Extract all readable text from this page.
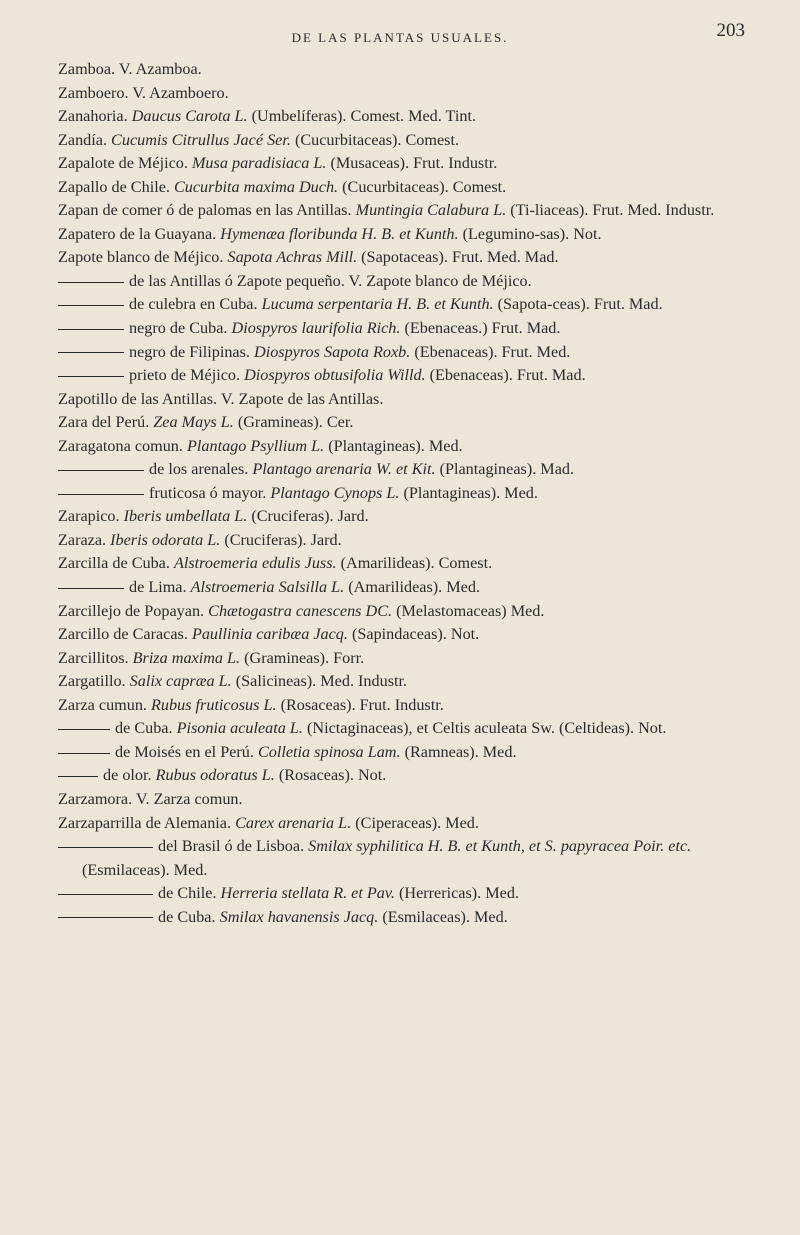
DE LAS PLANTAS USUALES.	203
Zamboa. V. Azamboa.
Zamboero. V. Azamboero.
Zanahoria. Daucus Carota L. (Umbelíferas). Comest. Med. Tint.
Zandía. Cucumis Citrullus Jacé Ser. (Cucurbitaceas). Comest.
Zapalote de Méjico. Musa paradisiaca L. (Musaceas). Frut. Industr.
Zapallo de Chile. Cucurbita maxima Duch. (Cucurbitaceas). Comest.
Zapan de comer ó de palomas en las Antillas. Muntingia Calabura L. (Ti-liaceas). Frut. Med. Industr.
Zapatero de la Guayana. Hymenæa floribunda H. B. et Kunth. (Legumino-sas). Not.
Zapote blanco de Méjico. Sapota Achras Mill. (Sapotaceas). Frut. Med. Mad.
de las Antillas ó Zapote pequeño. V. Zapote blanco de Méjico.
de culebra en Cuba. Lucuma serpentaria H. B. et Kunth. (Sapota-ceas). Frut. Mad.
negro de Cuba. Diospyros laurifolia Rich. (Ebenaceas.) Frut. Mad.
negro de Filipinas. Diospyros Sapota Roxb. (Ebenaceas). Frut. Med.
prieto de Méjico. Diospyros obtusifolia Willd. (Ebenaceas). Frut. Mad.
Zapotillo de las Antillas. V. Zapote de las Antillas.
Zara del Perú. Zea Mays L. (Gramineas). Cer.
Zaragatona comun. Plantago Psyllium L. (Plantagineas). Med.
de los arenales. Plantago arenaria W. et Kit. (Plantagineas). Mad.
fruticosa ó mayor. Plantago Cynops L. (Plantagineas). Med.
Zarapico. Iberis umbellata L. (Cruciferas). Jard.
Zaraza. Iberis odorata L. (Cruciferas). Jard.
Zarcilla de Cuba. Alstroemeria edulis Juss. (Amarilideas). Comest.
de Lima. Alstroemeria Salsilla L. (Amarilideas). Med.
Zarcillejo de Popayan. Chætogastra canescens DC. (Melastomaceas) Med.
Zarcillo de Caracas. Paullinia caribæa Jacq. (Sapindaceas). Not.
Zarcillitos. Briza maxima L. (Gramineas). Forr.
Zargatillo. Salix capræa L. (Salicineas). Med. Industr.
Zarza cumun. Rubus fruticosus L. (Rosaceas). Frut. Industr.
de Cuba. Pisonia aculeata L. (Nictaginaceas), et Celtis aculeata Sw. (Celtideas). Not.
de Moisés en el Perú. Colletia spinosa Lam. (Ramneas). Med.
de olor. Rubus odoratus L. (Rosaceas). Not.
Zarzamora. V. Zarza comun.
Zarzaparrilla de Alemania. Carex arenaria L. (Ciperaceas). Med.
del Brasil ó de Lisboa. Smilax syphilitica H. B. et Kunth, et S. papyracea Poir. etc. (Esmilaceas). Med.
de Chile. Herreria stellata R. et Pav. (Herrericas). Med.
de Cuba. Smilax havanensis Jacq. (Esmilaceas). Med.
